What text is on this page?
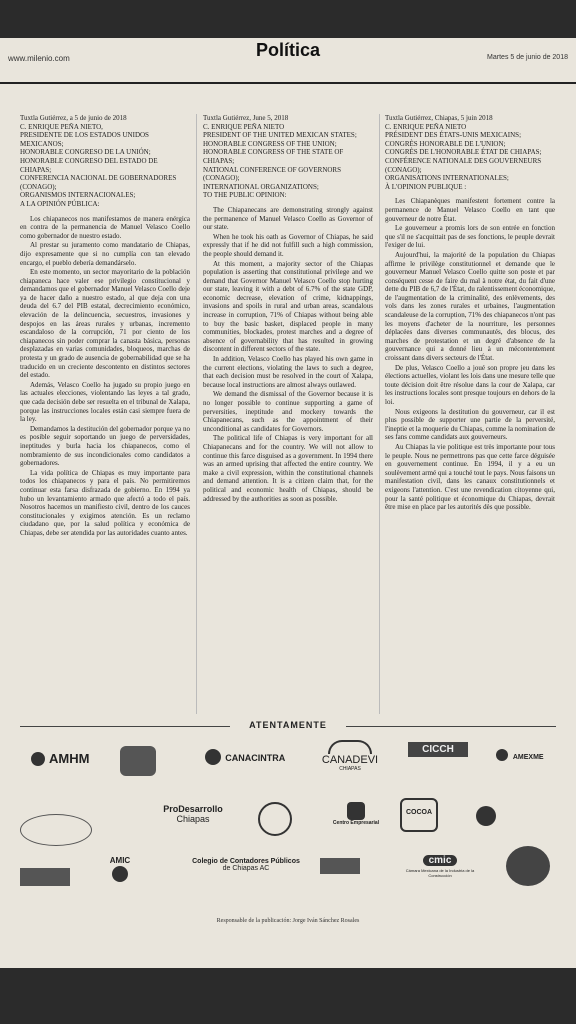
www.milenio.com	Política	Martes 5 de junio de 2018
Tuxtla Gutiérrez, a 5 de junio de 2018
C. ENRIQUE PEÑA NIETO,
PRESIDENTE DE LOS ESTADOS UNIDOS MEXICANOS;
HONORABLE CONGRESO DE LA UNIÓN;
HONORABLE CONGRESO DEL ESTADO DE CHIAPAS;
CONFERENCIA NACIONAL DE GOBERNADORES (CONAGO);
ORGANISMOS INTERNACIONALES;
A LA OPINIÓN PÚBLICA:

Los chiapanecos nos manifestamos de manera enérgica en contra de la permanencia de Manuel Velasco Coello como gobernador de nuestro estado.

Al prestar su juramento como mandatario de Chiapas, dijo expresamente que si no cumplía con tan elevado encargo, el pueblo debería demandárselo.

En este momento, un sector mayoritario de la población chiapaneca hace valer ese privilegio constitucional y demandamos que el gobernador Manuel Velasco Coello deje ya de hacer daño a nuestro estado, al que deja con una deuda del 6.7 del PIB estatal, decrecimiento económico, elevación de la delincuencia, secuestros, invasiones y despojos en las áreas rurales y urbanas, incremento escandaloso de la corrupción, 71 por ciento de los chiapanecos sin poder comprar la canasta básica, personas desplazadas en varias comunidades, bloqueos, marchas de protesta y un grado de ausencia de gobernabilidad que se ha traducido en un creciente descontento en distintos sectores del estado.

Además, Velasco Coello ha jugado su propio juego en las actuales elecciones, violentando las leyes a tal grado, que cada decisión debe ser resuelta en el tribunal de Xalapa, porque las instrucciones locales están casi siempre fuera de la ley.

Demandamos la destitución del gobernador porque ya no es posible seguir soportando un juego de perversidades, ineptitudes y burla hacia los chiapanecos, como el nombramiento de sus incondicionales como candidatos a gobernadores.

La vida política de Chiapas es muy importante para todos los chiapanecos y para el país. No permitiremos continuar esta farsa disfrazada de gobierno. En 1994 ya hubo un levantamiento armado que afectó a todo el país. Nosotros hacemos un manifiesto civil, dentro de los cauces constitucionales y exigimos atención. Es un reclamo ciudadano que, por la salud política y económica de Chiapas, debe ser atendida por las autoridades cuanto antes.

Tuxtla Gutiérrez, June 5, 2018
C. ENRIQUE PEÑA NIETO
PRESIDENT OF THE UNITED MEXICAN STATES;
HONORABLE CONGRESS OF THE UNION;
HONORABLE CONGRESS OF THE STATE OF CHIAPAS;
NATIONAL CONFERENCE OF GOVERNORS (CONAGO);
INTERNATIONAL ORGANIZATIONS;
TO THE PUBLIC OPINION:

The Chiapanecans are demonstrating strongly against the permanence of Manuel Velasco Coello as Governor of our state.

When he took his oath as Governor of Chiapas, he said expressly that if he did not fulfill such a high commission, the people should demand it.

At this moment, a majority sector of the Chiapas population is asserting that constitutional privilege and we demand that Governor Manuel Velasco Coello stop hurting our state, leaving it with a debt of 6.7% of the state GDP, economic decrease, elevation of crime, kidnappings, invasions and spoils in rural and urban areas, scandalous increase in corruption, 71% of Chiapas without being able to buy the basic basket, displaced people in many communities, blockades, protest marches and a degree of absence of governability that has resulted in growing discontent in different sectors of the state.

In addition, Velasco Coello has played his own game in the current elections, violating the laws to such a degree, that each decision must be resolved in the court of Xalapa, because local instructions are almost always outlawed.

We demand the dismissal of the Governor because it is no longer possible to continue supporting a game of perversities, ineptitude and mockery towards the Chiapanecans, such as the appointment of their unconditional as candidates for Governors.

The political life of Chiapas is very important for all Chiapanecans and for the country. We will not allow to continue this farce disguised as a government. In 1994 there was an armed uprising that affected the entire country. We make a civil expression, within the constitutional channels and demand attention. It is a citizen claim that, for the political and economic health of Chiapas, should be addressed by the authorities as soon as possible.

Tuxtla Gutiérrez, Chiapas, 5 juin 2018
C. ENRIQUE PEÑA NIETO
PRÉSIDENT DES ÉTATS-UNIS MEXICAINS;
CONGRÈS HONORABLE DE L'UNION;
CONGRÈS DE L'HONORABLE ÉTAT DE CHIAPAS;
CONFÉRENCE NATIONALE DES GOUVERNEURS (CONAGO);
ORGANISATIONS INTERNATIONALES;
À L'OPINION PUBLIQUE :

Les Chiapanèques manifestent fortement contre la permanence de Manuel Velasco Coello en tant que gouverneur de notre État.

Le gouverneur a promis lors de son entrée en fonction que s'il ne s'acquittait pas de ses fonctions, le peuple devrait l'exiger de lui.

Aujourd'hui, la majorité de la population du Chiapas affirme le privilège constitutionnel et demande que le gouverneur Manuel Velasco Coello quitte son poste et par conséquent cesse de faire du mal à notre état, du fait d'une dette du PIB de 6,7 de l'État, du ralentissement économique, de l'augmentation de la criminalité, des enlèvements, des vols dans les zones rurales et urbaines, l'augmentation scandaleuse de la corruption, 71% des chiapanecos n'ont pas les moyens d'acheter de la nourriture, les personnes déplacées dans diverses communautés, des blocus, des marches de protestation et un degré d'absence de la gouvernance qui a donné lieu à un mécontentement croissant dans divers secteurs de l'État.

De plus, Velasco Coello a joué son propre jeu dans les élections actuelles, violant les lois dans une mesure telle que toute décision doit être résolue dans la cour de Xalapa, car les instructions locales sont presque toujours en dehors de la loi.

Nous exigeons la destitution du gouverneur, car il est plus possible de supporter une partie de la perversité, l'ineptie et la moquerie du Chiapas, comme la nomination de ses fans comme candidats aux gouverneurs.

Au Chiapas la vie politique est très importante pour tous le peuple. Nous ne permettrons pas que cette farce déguisée en gouvernement continue. En 1994, il y a eu un soulèvement armé qui a touché tout le pays. Nous faisons un manifestation civil, dans les canaux constitutionnels et exigeons l'attention. C'est une revendication citoyenne qui, pour la santé politique et économique du Chiapas, devrait être mise en place par les autorités dès que possible.

ATENTAMENTE
AMHM	CANACINTRA	CANADEVI
CHIAPAS
CICCH
AMEXME
ProDesarrollo
Chiapas	Centro Empresarial
COCOA
AMIC	Colegio de Contadores Públicos
de Chiapas AC
cmic
Cámara Mexicana de la Industria de la Construcción
Responsable de la publicación: Jorge Iván Sánchez Rosales
